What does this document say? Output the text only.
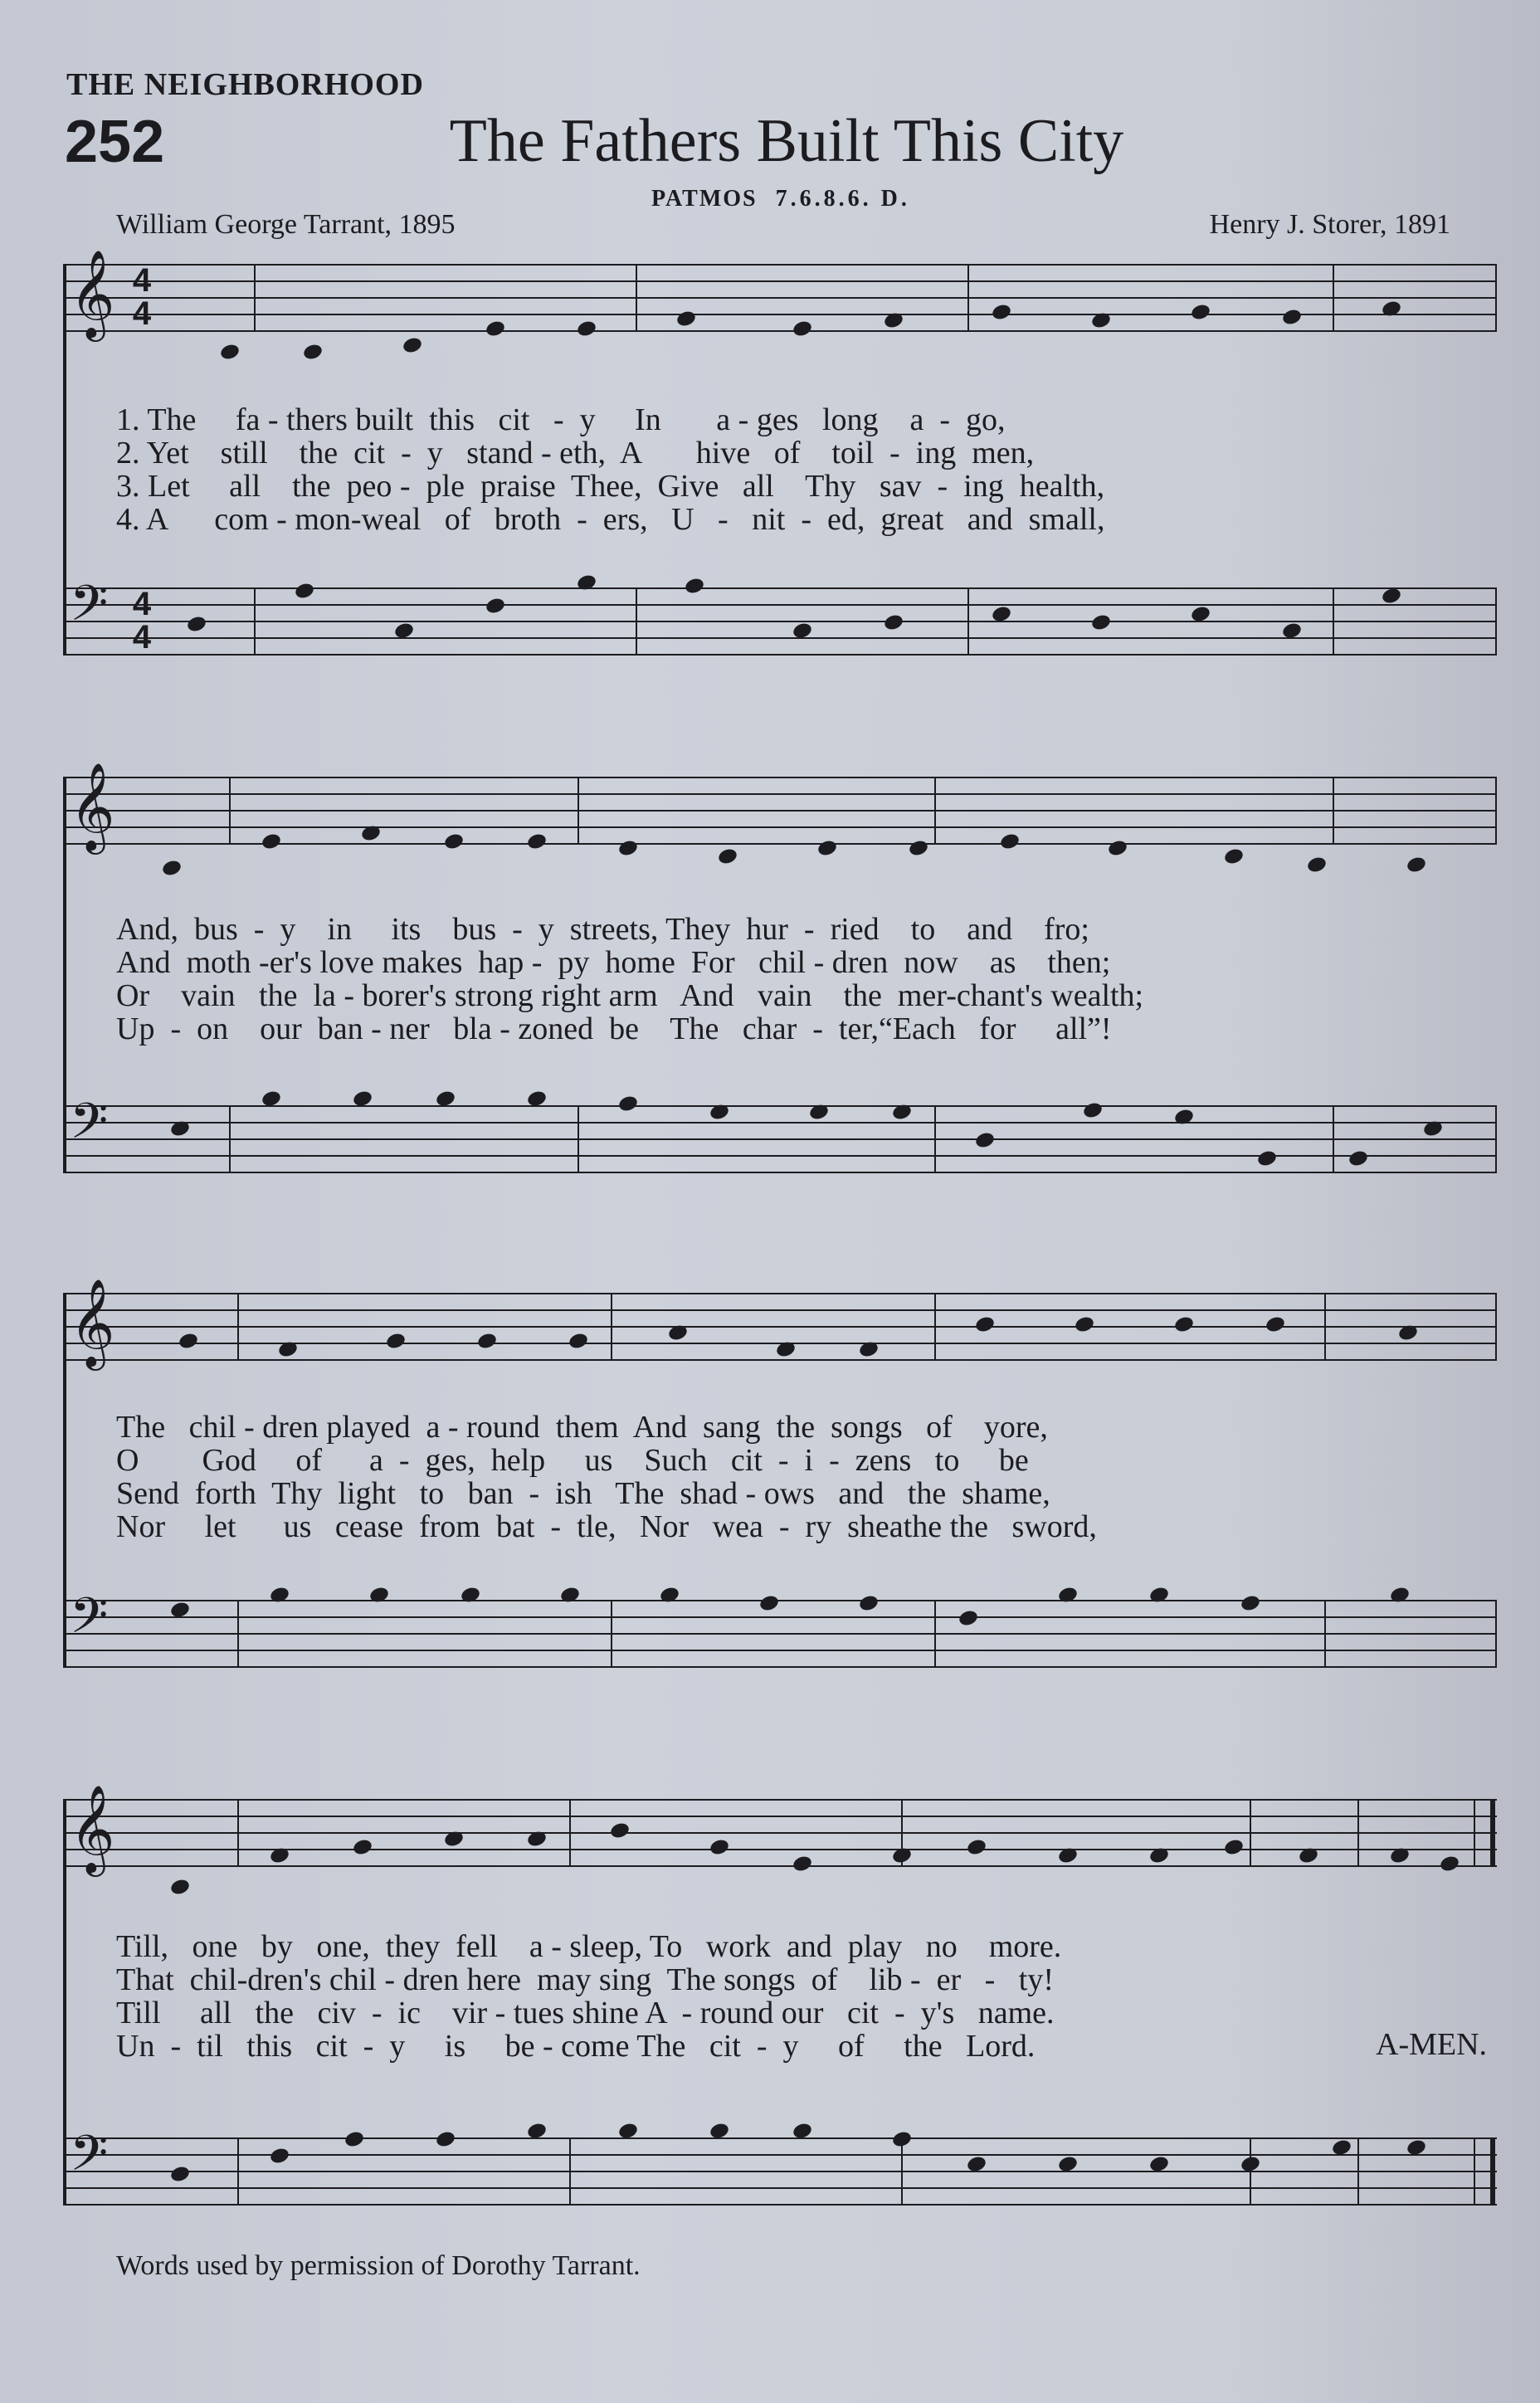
THE NEIGHBORHOOD
252	The Fathers Built This City
PATMOS 7.6.8.6. D.
William George Tarrant, 1895	Henry J. Storer, 1891
𝄞 4
4
1. The     fa - thers built  this   cit   -  y     In       a - ges   long    a  -  go,
2. Yet    still    the  cit  -  y   stand - eth,  A       hive   of    toil  -  ing  men,
3. Let     all    the  peo -  ple  praise  Thee,  Give   all    Thy   sav  -  ing  health,
4. A      com - mon-weal   of   broth  -  ers,   U   -   nit  -  ed,  great   and  small,
𝄢 4
4
𝄞
And,  bus  -  y    in     its    bus  -  y  streets, They  hur  -  ried    to    and    fro;
And  moth -er's love makes  hap -  py  home  For   chil - dren  now    as    then;
Or    vain   the  la - borer's strong right arm   And   vain    the  mer-chant's wealth;
Up  -  on    our  ban - ner   bla - zoned  be    The   char  -  ter,“Each   for     all”!
𝄢
𝄞
The   chil - dren played  a - round  them  And  sang  the  songs   of    yore,
O        God     of      a  -  ges,  help     us    Such   cit  -  i  -  zens   to     be
Send  forth  Thy  light   to   ban  -  ish   The  shad - ows   and   the  shame,
Nor     let      us   cease  from  bat  -  tle,   Nor   wea  -  ry  sheathe the   sword,
𝄢
𝄞
Till,   one   by   one,  they  fell    a - sleep, To   work  and  play   no    more.
That  chil-dren's chil - dren here  may sing  The songs  of    lib -  er   -   ty!
Till     all   the   civ  -  ic    vir - tues shine A  - round our   cit  -  y's   name.
Un  -  til   this   cit  -  y     is     be - come The   cit  -  y     of     the   Lord.	A-MEN.
𝄢
Words used by permission of Dorothy Tarrant.
